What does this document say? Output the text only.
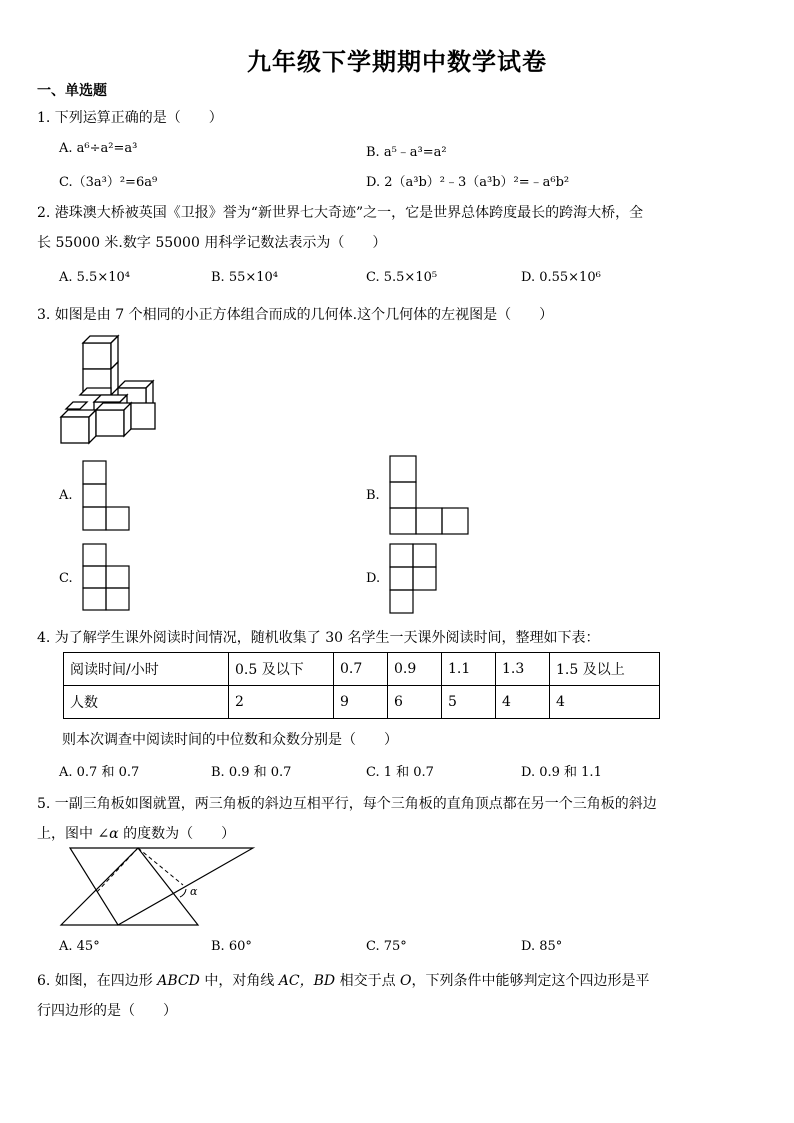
九年级下学期期中数学试卷
一、单选题
1. 下列运算正确的是（　　）
A. a⁶÷a²=a³	B. a⁵﹣a³=a²
C.（3a³）²=6a⁹	D. 2（a³b）²﹣3（a³b）²=﹣a⁶b²
2. 港珠澳大桥被英国《卫报》誉为“新世界七大奇迹”之一，它是世界总体跨度最长的跨海大桥，全
长 55000 米.数字 55000 用科学记数法表示为（　　）
A. 5.5×10⁴	B. 55×10⁴	C. 5.5×10⁵	D. 0.55×10⁶
3. 如图是由 7 个相同的小正方体组合而成的几何体.这个几何体的左视图是（　　）
A.	B.
C.	D.
4. 为了解学生课外阅读时间情况，随机收集了 30 名学生一天课外阅读时间，整理如下表：
阅读时间/小时	0.5 及以下	0.7	0.9	1.1	1.3	1.5 及以上
人数	2	9	6	5	4	4
则本次调查中阅读时间的中位数和众数分别是（　　）
A. 0.7 和 0.7	B. 0.9 和 0.7	C. 1 和 0.7	D. 0.9 和 1.1
5. 一副三角板如图就置，两三角板的斜边互相平行，每个三角板的直角顶点都在另一个三角板的斜边
上，图中 ∠α 的度数为（　　）
α
A. 45°	B. 60°	C. 75°	D. 85°
6. 如图，在四边形 ABCD 中，对角线 AC，BD 相交于点 O，下列条件中能够判定这个四边形是平
行四边形的是（　　）
